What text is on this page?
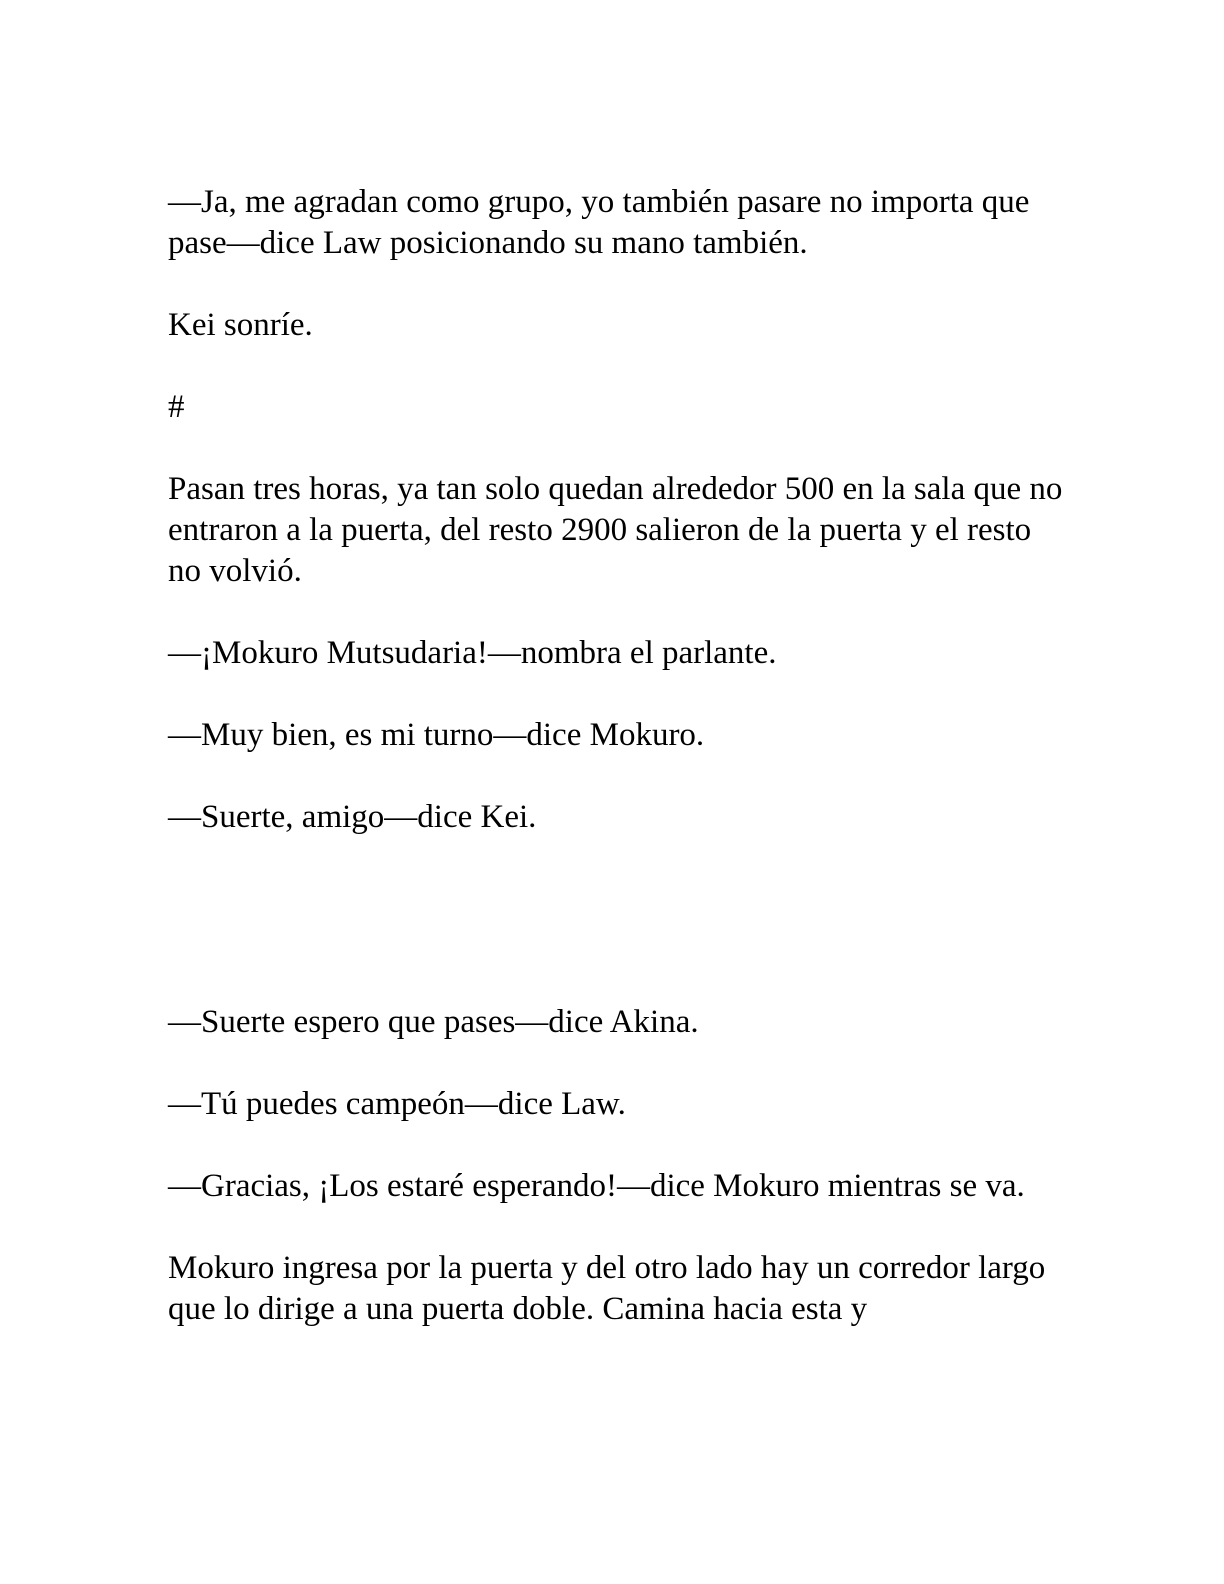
—Ja, me agradan como grupo, yo también pasare no importa que pase—dice Law posicionando su mano también.

Kei sonríe.

#

Pasan tres horas, ya tan solo quedan alrededor 500 en la sala que no entraron a la puerta, del resto 2900 salieron de la puerta y el resto no volvió.

—¡Mokuro Mutsudaria!—nombra el parlante.

—Muy bien, es mi turno—dice Mokuro.

—Suerte, amigo—dice Kei.

—Suerte espero que pases—dice Akina.

—Tú puedes campeón—dice Law.

—Gracias, ¡Los estaré esperando!—dice Mokuro mientras se va.

Mokuro ingresa por la puerta y del otro lado hay un corredor largo que lo dirige a una puerta doble. Camina hacia esta y
